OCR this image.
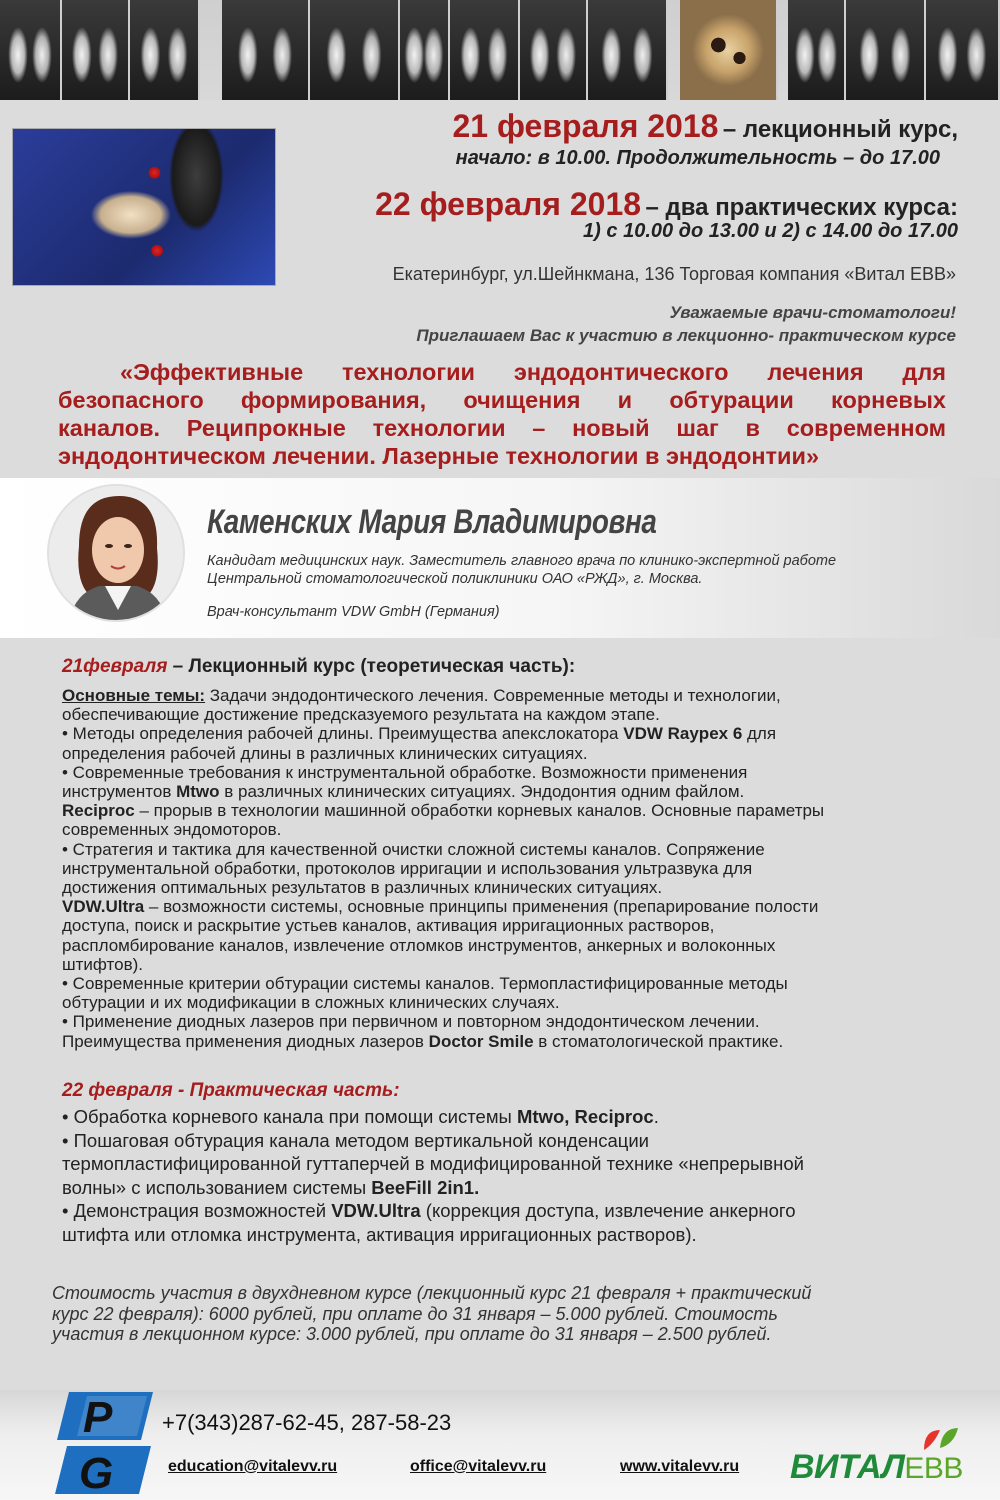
21 февраля 2018 – лекционный курс,
начало: в 10.00. Продолжительность – до 17.00
22 февраля 2018 – два практических курса:
1) с 10.00 до 13.00 и 2) с 14.00 до 17.00
Екатеринбург, ул.Шейнкмана, 136 Торговая компания «Витал ЕВВ»
Уважаемые врачи-стоматологи!
Приглашаем Вас к участию в лекционно- практическом курсе
«Эффективные технологии эндодонтического лечения для
безопасного формирования, очищения и обтурации корневых
каналов. Реципрокные технологии – новый шаг в современном
эндодонтическом лечении. Лазерные технологии в эндодонтии»
Каменских Мария Владимировна
Кандидат медицинских наук. Заместитель главного врача по клинико-экспертной работе
Центральной стоматологической поликлиники ОАО «РЖД», г. Москва.
Врач-консультант VDW GmbH (Германия)
21февраля – Лекционный курс (теоретическая часть):

Основные темы: Задачи эндодонтического лечения. Современные методы и технологии,

обеспечивающие достижение предсказуемого результата на каждом этапе.

• Методы определения рабочей длины. Преимущества апекслокатора VDW Raypex 6 для

определения рабочей длины в различных клинических ситуациях.

• Современные требования к инструментальной обработке. Возможности применения

инструментов Mtwo в различных клинических ситуациях. Эндодонтия одним файлом.

Reciproc – прорыв в технологии машинной обработки корневых каналов. Основные параметры

современных эндомоторов.

• Стратегия и тактика для качественной очистки сложной системы каналов. Сопряжение

инструментальной обработки, протоколов ирригации и использования ультразвука для

достижения оптимальных результатов в различных клинических ситуациях.

VDW.Ultra – возможности системы, основные принципы применения (препарирование полости

доступа, поиск и раскрытие устьев каналов, активация ирригационных растворов,

распломбирование каналов, извлечение отломков инструментов, анкерных и волоконных

штифтов).

• Современные критерии обтурации системы каналов. Термопластифицированные методы

обтурации и их модификации в сложных клинических случаях.

• Применение диодных лазеров при первичном и повторном эндодонтическом лечении.

Преимущества применения диодных лазеров Doctor Smile в стоматологической практике.

22 февраля - Практическая часть:

• Обработка корневого канала при помощи системы Mtwo, Reciproc.

• Пошаговая обтурация канала методом вертикальной конденсации

термопластифицированной гуттаперчей в модифицированной технике «непрерывной

волны» с использованием системы BeeFill 2in1.

• Демонстрация возможностей VDW.Ultra (коррекция доступа, извлечение анкерного

штифта или отломка инструмента, активация ирригационных растворов).

Стоимость участия в двухдневном курсе (лекционный курс 21 февраля + практический

курс 22 февраля): 6000 рублей, при оплате до 31 января – 5.000 рублей. Стоимость

участия в лекционном курсе: 3.000 рублей, при оплате до 31 января – 2.500 рублей.

P
G
+7(343)287-62-45, 287-58-23
education@vitalevv.ru	office@vitalevv.ru	www.vitalevv.ru ВИТАЛЕВВ
